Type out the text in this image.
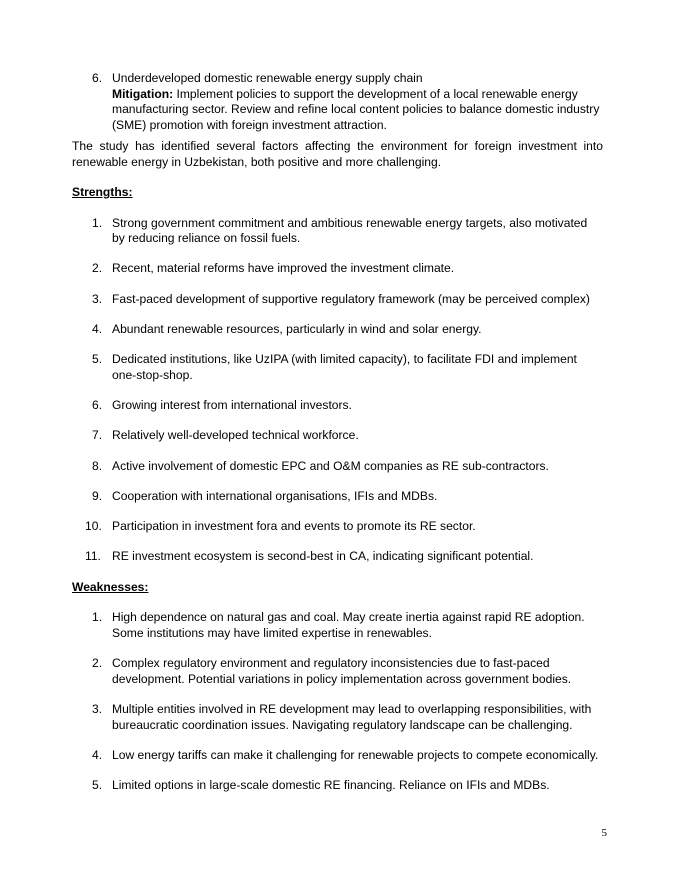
6. Underdeveloped domestic renewable energy supply chain
Mitigation: Implement policies to support the development of a local renewable energy manufacturing sector. Review and refine local content policies to balance domestic industry (SME) promotion with foreign investment attraction.

The study has identified several factors affecting the environment for foreign investment into renewable energy in Uzbekistan, both positive and more challenging.

Strengths:
1. Strong government commitment and ambitious renewable energy targets, also motivated by reducing reliance on fossil fuels.
2. Recent, material reforms have improved the investment climate.
3. Fast-paced development of supportive regulatory framework (may be perceived complex)
4. Abundant renewable resources, particularly in wind and solar energy.
5. Dedicated institutions, like UzIPA (with limited capacity), to facilitate FDI and implement one-stop-shop.
6. Growing interest from international investors.
7. Relatively well-developed technical workforce.
8. Active involvement of domestic EPC and O&M companies as RE sub-contractors.
9. Cooperation with international organisations, IFIs and MDBs.
10. Participation in investment fora and events to promote its RE sector.
11. RE investment ecosystem is second-best in CA, indicating significant potential.
Weaknesses:
1. High dependence on natural gas and coal. May create inertia against rapid RE adoption. Some institutions may have limited expertise in renewables.
2. Complex regulatory environment and regulatory inconsistencies due to fast-paced development. Potential variations in policy implementation across government bodies.
3. Multiple entities involved in RE development may lead to overlapping responsibilities, with bureaucratic coordination issues. Navigating regulatory landscape can be challenging.
4. Low energy tariffs can make it challenging for renewable projects to compete economically.
5. Limited options in large-scale domestic RE financing. Reliance on IFIs and MDBs.
5
